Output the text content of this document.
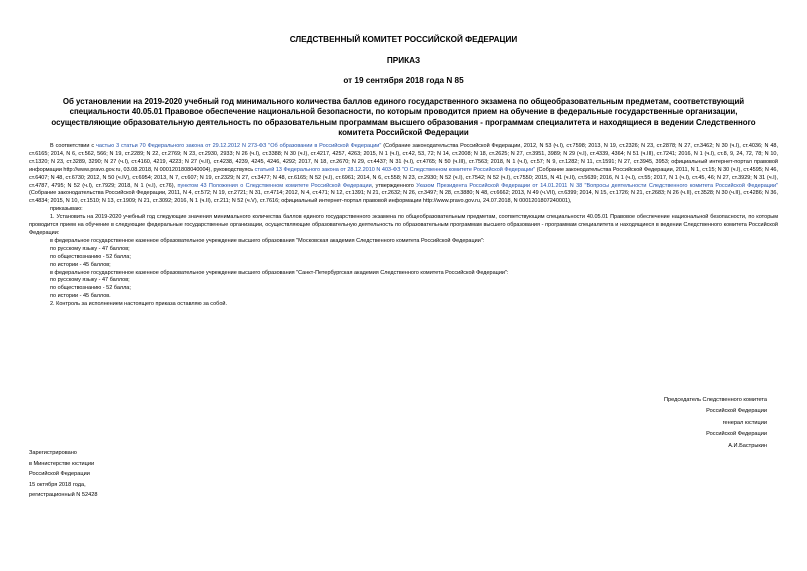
СЛЕДСТВЕННЫЙ КОМИТЕТ РОССИЙСКОЙ ФЕДЕРАЦИИ
ПРИКАЗ
от 19 сентября 2018 года N 85
Об установлении на 2019-2020 учебный год минимального количества баллов единого государственного экзамена по общеобразовательным предметам, соответствующий специальности 40.05.01 Правовое обеспечение национальной безопасности, по которым проводится прием на обучение в федеральные государственные организации, осуществляющие образовательную деятельность по образовательным программам высшего образования - программам специалитета и находящиеся в ведении Следственного комитета Российской Федерации

В соответствии с частью 3 статьи 70 Федерального закона от 29.12.2012 N 273-ФЗ "Об образовании в Российской Федерации" (Собрание законодательства Российской Федерации, 2012, N 53 (ч.I), ст.7598; 2013, N 19, ст.2326; N 23, ст.2878; N 27, ст.3462; N 30 (ч.I), ст.4036; N 48, ст.6165; 2014, N 6, ст.562, 566; N 19, ст.2289; N 22, ст.2769; N 23, ст.2930, 2933; N 26 (ч.I), ст.3388; N 30 (ч.I), ст.4217, 4257, 4263; 2015, N 1 (ч.I), ст.42, 53, 72; N 14, ст.2008; N 18, ст.2625; N 27, ст.3951, 3989; N 29 (ч.I), ст.4339, 4364; N 51 (ч.III), ст.7241; 2016, N 1 (ч.I), ст.8, 9, 24, 72, 78; N 10, ст.1320; N 23, ст.3289, 3290; N 27 (ч.I), ст.4160, 4219, 4223; N 27 (ч.II), ст.4238, 4239, 4245, 4246, 4292; 2017, N 18, ст.2670; N 29, ст.4437; N 31 (ч.I), ст.4765; N 50 (ч.III), ст.7563; 2018, N 1 (ч.I), ст.57; N 9, ст.1282; N 11, ст.1591; N 27, ст.3945, 3953; официальный интернет-портал правовой информации http://www.pravo.gov.ru, 03.08.2018, N 0001201808040004), руководствуясь статьей 13 Федерального закона от 28.12.2010 N 403-ФЗ "О Следственном комитете Российской Федерации" (Собрание законодательства Российской Федерации, 2011, N 1, ст.15; N 30 (ч.I), ст.4595; N 46, ст.6407; N 48, ст.6730; 2012, N 50 (ч.IV), ст.6954; 2013, N 7, ст.607; N 19, ст.2329; N 27, ст.3477; N 48, ст.6165; N 52 (ч.I), ст.6961; 2014, N 6, ст.558; N 23, ст.2930; N 52 (ч.I), ст.7542; N 52 (ч.I), ст.7550; 2015, N 41 (ч.II), ст.5639; 2016, N 1 (ч.I), ст.55; 2017, N 1 (ч.I), ст.45, 46; N 27, ст.3929; N 31 (ч.I), ст.4787, 4795; N 52 (ч.I), ст.7929; 2018, N 1 (ч.I), ст.76), пунктом 43 Положения о Следственном комитете Российской Федерации, утвержденного Указом Президента Российской Федерации от 14.01.2011 N 38 "Вопросы деятельности Следственного комитета Российской Федерации" (Собрание законодательства Российской Федерации, 2011, N 4, ст.572; N 19, ст.2721; N 31, ст.4714; 2012, N 4, ст.471; N 12, ст.1391; N 21, ст.2632; N 26, ст.3497; N 28, ст.3880; N 48, ст.6662; 2013, N 49 (ч.VII), ст.6399; 2014, N 15, ст.1726; N 21, ст.2683; N 26 (ч.II), ст.3528; N 30 (ч.II), ст.4286; N 36, ст.4834; 2015, N 10, ст.1510; N 13, ст.1909; N 21, ст.3092; 2016, N 1 (ч.II), ст.211; N 52 (ч.V), ст.7616; официальный интернет-портал правовой информации http://www.pravo.gov.ru, 24.07.2018, N 0001201807240001),

приказываю:

1. Установить на 2019-2020 учебный год следующие значения минимального количества баллов единого государственного экзамена по общеобразовательным предметам, соответствующим специальности 40.05.01 Правовое обеспечение национальной безопасности, по которым проводится прием на обучение в следующие федеральные государственные организации, осуществляющие образовательную деятельность по образовательным программам высшего образования - программам специалитета и находящиеся в ведении Следственного комитета Российской Федерации:

в федеральное государственное казенное образовательное учреждение высшего образования "Московская академия Следственного комитета Российской Федерации":

по русскому языку - 47 баллов;

по обществознанию - 52 балла;

по истории - 45 баллов;

в федеральное государственное казенное образовательное учреждение высшего образования "Санкт-Петербургская академия Следственного комитета Российской Федерации":

по русскому языку - 47 баллов;

по обществознанию - 52 балла;

по истории - 45 баллов.

2. Контроль за исполнением настоящего приказа оставляю за собой.

Председатель Следственного комитета

Российской Федерации

генерал юстиции

Российской Федерации

А.И.Бастрыкин

Зарегистрировано

в Министерстве юстиции

Российской Федерации

15 октября 2018 года,

регистрационный N 52428
